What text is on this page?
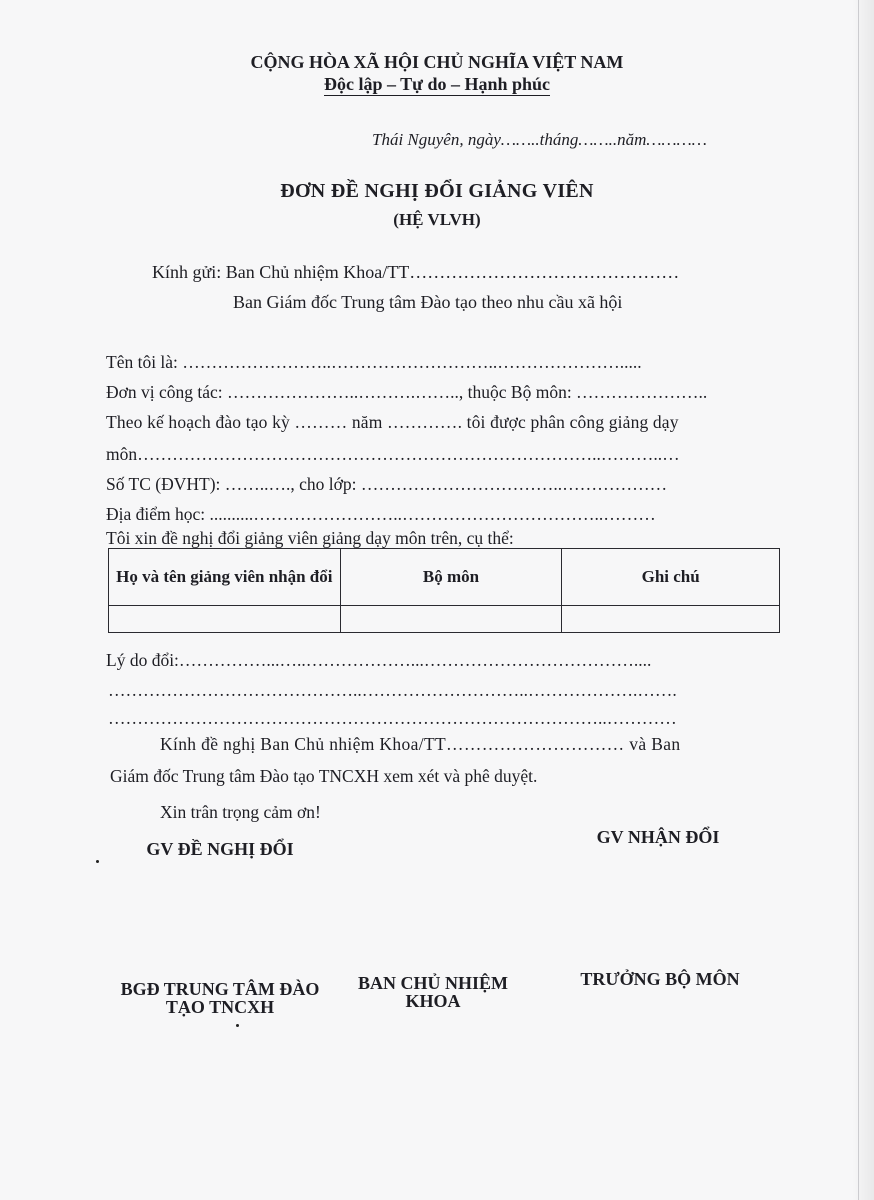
CỘNG HÒA XÃ HỘI CHỦ NGHĨA VIỆT NAM
Độc lập – Tự do – Hạnh phúc
Thái Nguyên, ngày……..tháng……..năm…………
ĐƠN ĐỀ NGHỊ ĐỔI GIẢNG VIÊN
(HỆ VLVH)
Kính gửi: Ban Chủ nhiệm Khoa/TT………………………………………
Ban Giám đốc Trung tâm Đào tạo theo nhu cầu xã hội
Tên tôi là: ……………………..………………………..………………….....
Đơn vị công tác: …………………..……….…….., thuộc Bộ môn: …………………..
Theo kế hoạch đào tạo kỳ ……… năm …………. tôi được phân công giảng dạy
môn……………………………………………………………………..………..…
Số TC (ĐVHT): ……..…., cho lớp: ……………………………..………………
Địa điểm học: ..........……………………..……………………………..………
Tôi xin đề nghị đổi giảng viên giảng dạy môn trên, cụ thể:
Họ và tên giảng viên nhận đổi	Bộ môn	Ghi chú

Lý do đổi:……………...…..………………...………………………………....
……………………………………..………………………..……………….…….
…………………………………………………………………………..…………
Kính đề nghị Ban Chủ nhiệm Khoa/TT………………………… và Ban
Giám đốc Trung tâm Đào tạo TNCXH xem xét và phê duyệt.
Xin trân trọng cảm ơn!
GV ĐỀ NGHỊ ĐỔI
GV NHẬN ĐỔI
BGĐ TRUNG TÂM ĐÀO TẠO TNCXH
BAN CHỦ NHIỆM KHOA
TRƯỞNG BỘ MÔN
